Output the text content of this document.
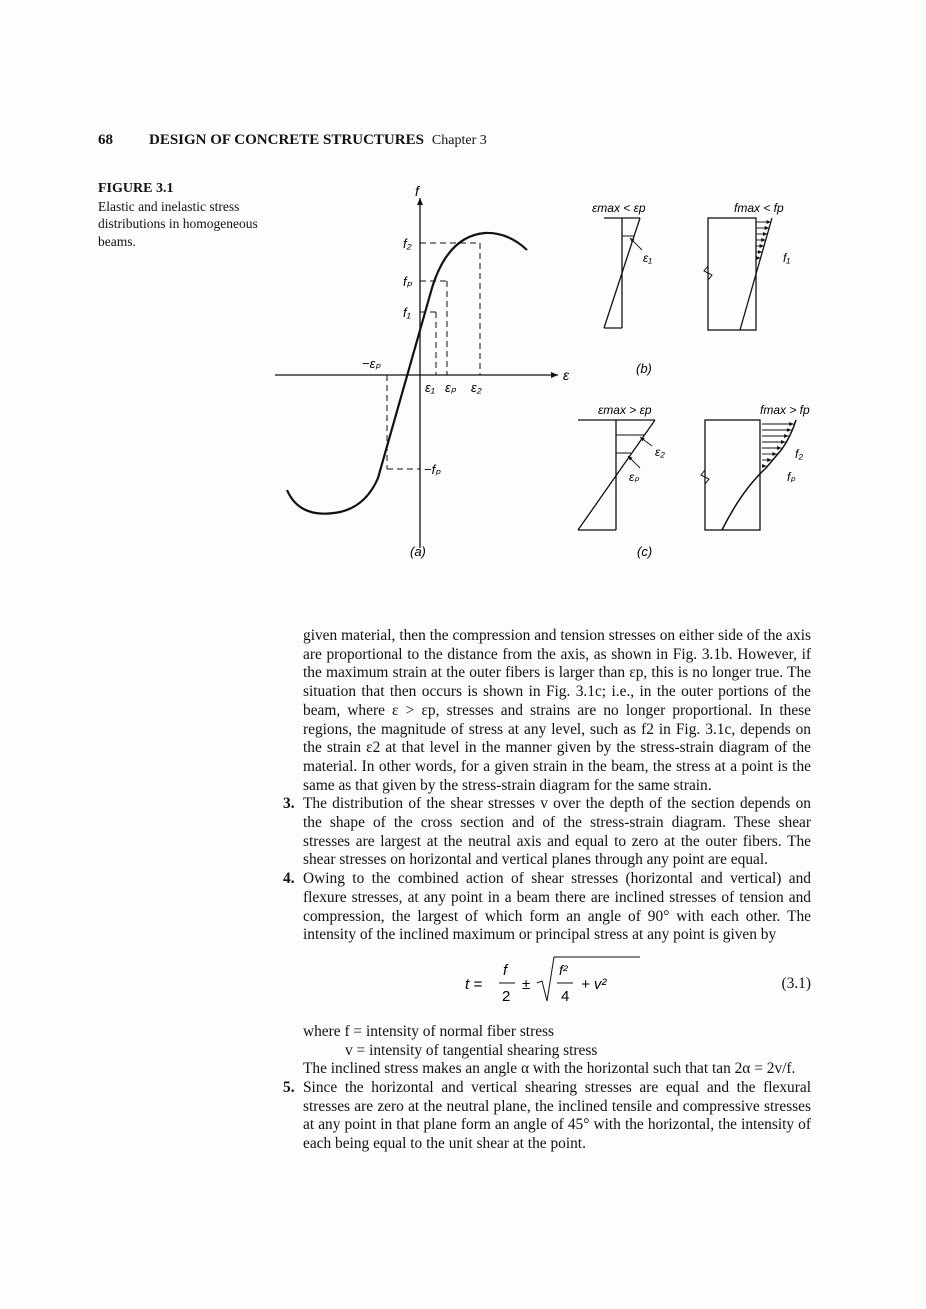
68 DESIGN OF CONCRETE STRUCTURES Chapter 3
FIGURE 3.1
Elastic and inelastic stress distributions in homogeneous beams.
f
f₂
fₚ
f₁
−εₚ
ε₁ εₚ ε₂
ε
−fₚ
(a)
εmax < εp
ε₁
(b)
fmax < fp
f₁
εmax > εp
ε₂
εₚ
(c)
fmax > fp
f₂
fₚ

given material, then the compression and tension stresses on either side of the axis are proportional to the distance from the axis, as shown in Fig. 3.1b. However, if the maximum strain at the outer fibers is larger than εp, this is no longer true. The situation that then occurs is shown in Fig. 3.1c; i.e., in the outer portions of the beam, where ε > εp, stresses and strains are no longer proportional. In these regions, the magnitude of stress at any level, such as f2 in Fig. 3.1c, depends on the strain ε2 at that level in the manner given by the stress-strain diagram of the material. In other words, for a given strain in the beam, the stress at a point is the same as that given by the stress-strain diagram for the same strain.

3. The distribution of the shear stresses v over the depth of the section depends on the shape of the cross section and of the stress-strain diagram. These shear stresses are largest at the neutral axis and equal to zero at the outer fibers. The shear stresses on horizontal and vertical planes through any point are equal.

4. Owing to the combined action of shear stresses (horizontal and vertical) and flexure stresses, at any point in a beam there are inclined stresses of tension and compression, the largest of which form an angle of 90° with each other. The intensity of the inclined maximum or principal stress at any point is given by

t =
f
2
±
f²
4
+ v²	(3.1)
where f = intensity of normal fiber stress
v = intensity of tangential shearing stress

The inclined stress makes an angle α with the horizontal such that tan 2α = 2v/f.

5. Since the horizontal and vertical shearing stresses are equal and the flexural stresses are zero at the neutral plane, the inclined tensile and compressive stresses at any point in that plane form an angle of 45° with the horizontal, the intensity of each being equal to the unit shear at the point.
